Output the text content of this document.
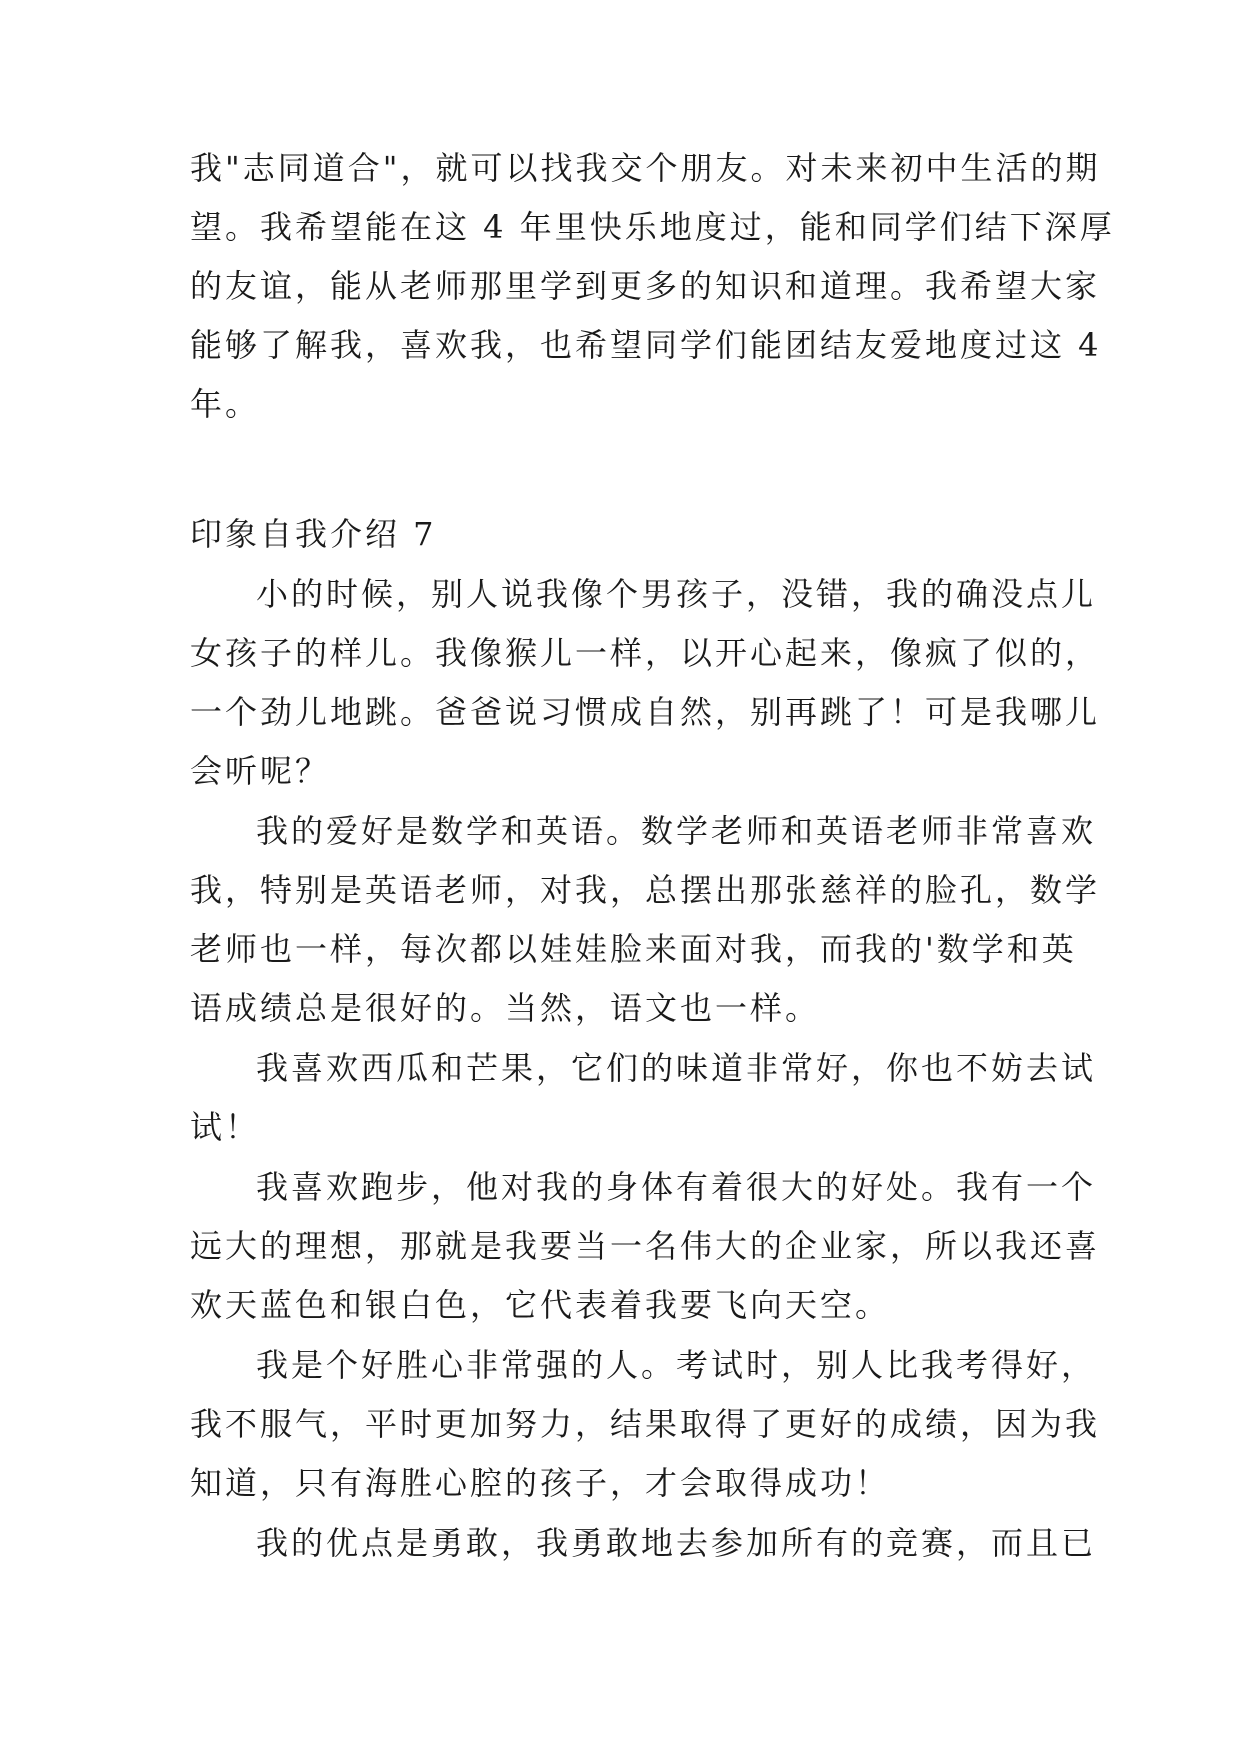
我"志同道合"，就可以找我交个朋友。对未来初中生活的期
望。我希望能在这 4 年里快乐地度过，能和同学们结下深厚
的友谊，能从老师那里学到更多的知识和道理。我希望大家
能够了解我，喜欢我，也希望同学们能团结友爱地度过这 4
年。
印象自我介绍 7
小的时候，别人说我像个男孩子，没错，我的确没点儿
女孩子的样儿。我像猴儿一样，以开心起来，像疯了似的，
一个劲儿地跳。爸爸说习惯成自然，别再跳了！可是我哪儿
会听呢？
我的爱好是数学和英语。数学老师和英语老师非常喜欢
我，特别是英语老师，对我，总摆出那张慈祥的脸孔，数学
老师也一样，每次都以娃娃脸来面对我，而我的'数学和英
语成绩总是很好的。当然，语文也一样。
我喜欢西瓜和芒果，它们的味道非常好，你也不妨去试
试！
我喜欢跑步，他对我的身体有着很大的好处。我有一个
远大的理想，那就是我要当一名伟大的企业家，所以我还喜
欢天蓝色和银白色，它代表着我要飞向天空。
我是个好胜心非常强的人。考试时，别人比我考得好，
我不服气，平时更加努力，结果取得了更好的成绩，因为我
知道，只有海胜心腔的孩子，才会取得成功！
我的优点是勇敢，我勇敢地去参加所有的竞赛，而且已
